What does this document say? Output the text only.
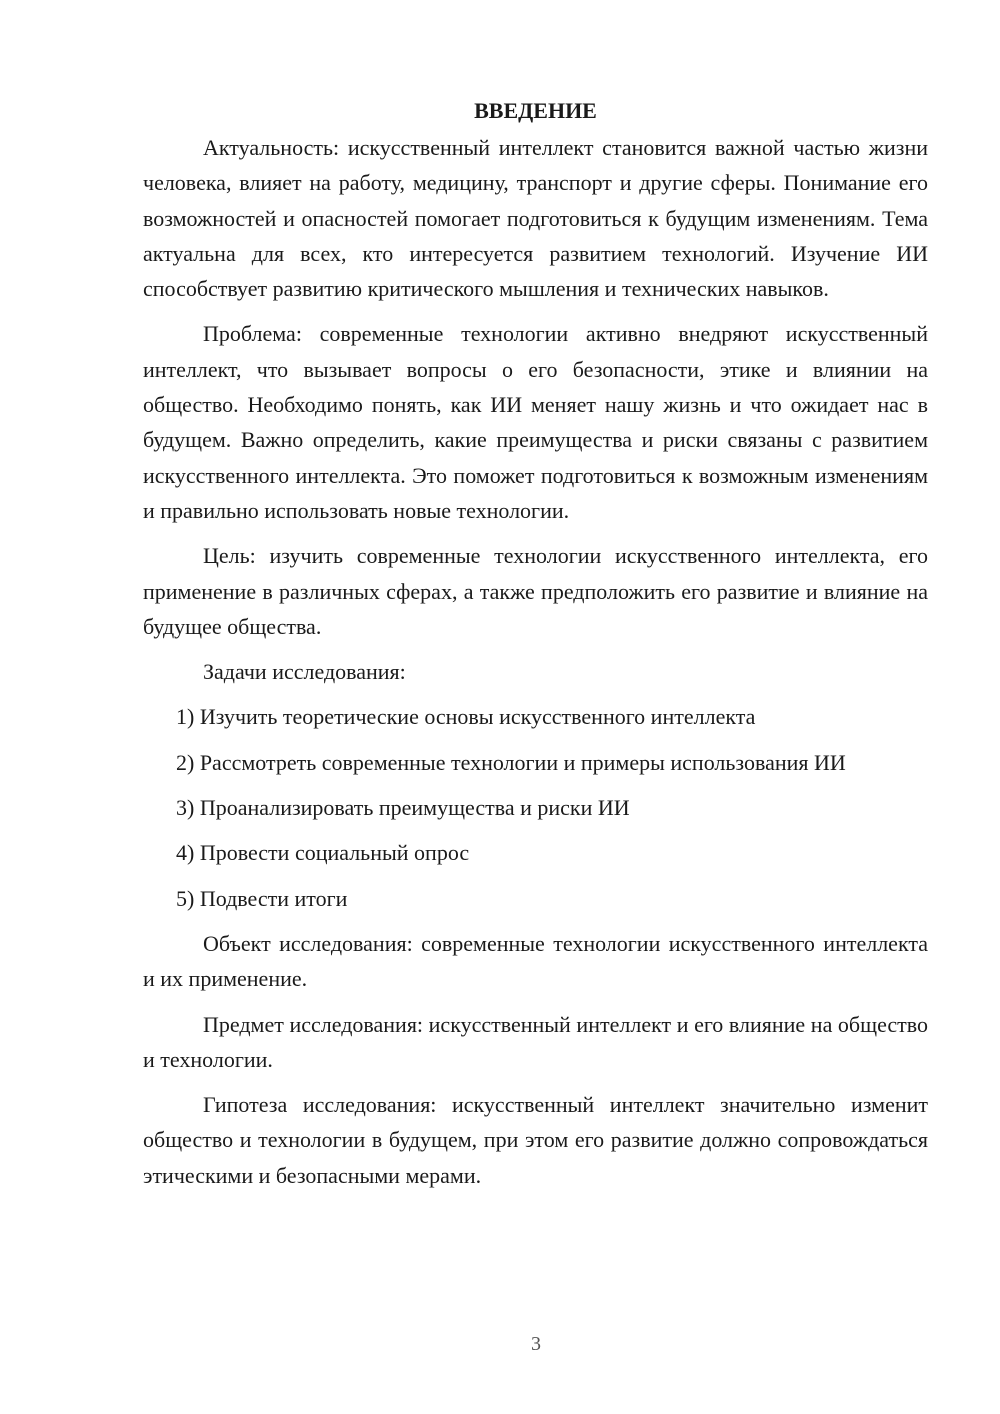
ВВЕДЕНИЕ

Актуальность: искусственный интеллект становится важной частью жизни человека, влияет на работу, медицину, транспорт и другие сферы. Понимание его возможностей и опасностей помогает подготовиться к будущим изменениям. Тема актуальна для всех, кто интересуется развитием технологий. Изучение ИИ способствует развитию критического мышления и технических навыков.

Проблема: современные технологии активно внедряют искусственный интеллект, что вызывает вопросы о его безопасности, этике и влиянии на общество. Необходимо понять, как ИИ меняет нашу жизнь и что ожидает нас в будущем. Важно определить, какие преимущества и риски связаны с развитием искусственного интеллекта. Это поможет подготовиться к возможным изменениям и правильно использовать новые технологии.

Цель: изучить современные технологии искусственного интеллекта, его применение в различных сферах, а также предположить его развитие и влияние на будущее общества.

Задачи исследования:

1) Изучить теоретические основы искусственного интеллекта

2) Рассмотреть современные технологии и примеры использования ИИ

3) Проанализировать преимущества и риски ИИ

4) Провести социальный опрос

5) Подвести итоги

Объект исследования: современные технологии искусственного интеллекта и их применение.

Предмет исследования: искусственный интеллект и его влияние на общество и технологии.

Гипотеза исследования: искусственный интеллект значительно изменит общество и технологии в будущем, при этом его развитие должно сопровождаться этическими и безопасными мерами.

3
